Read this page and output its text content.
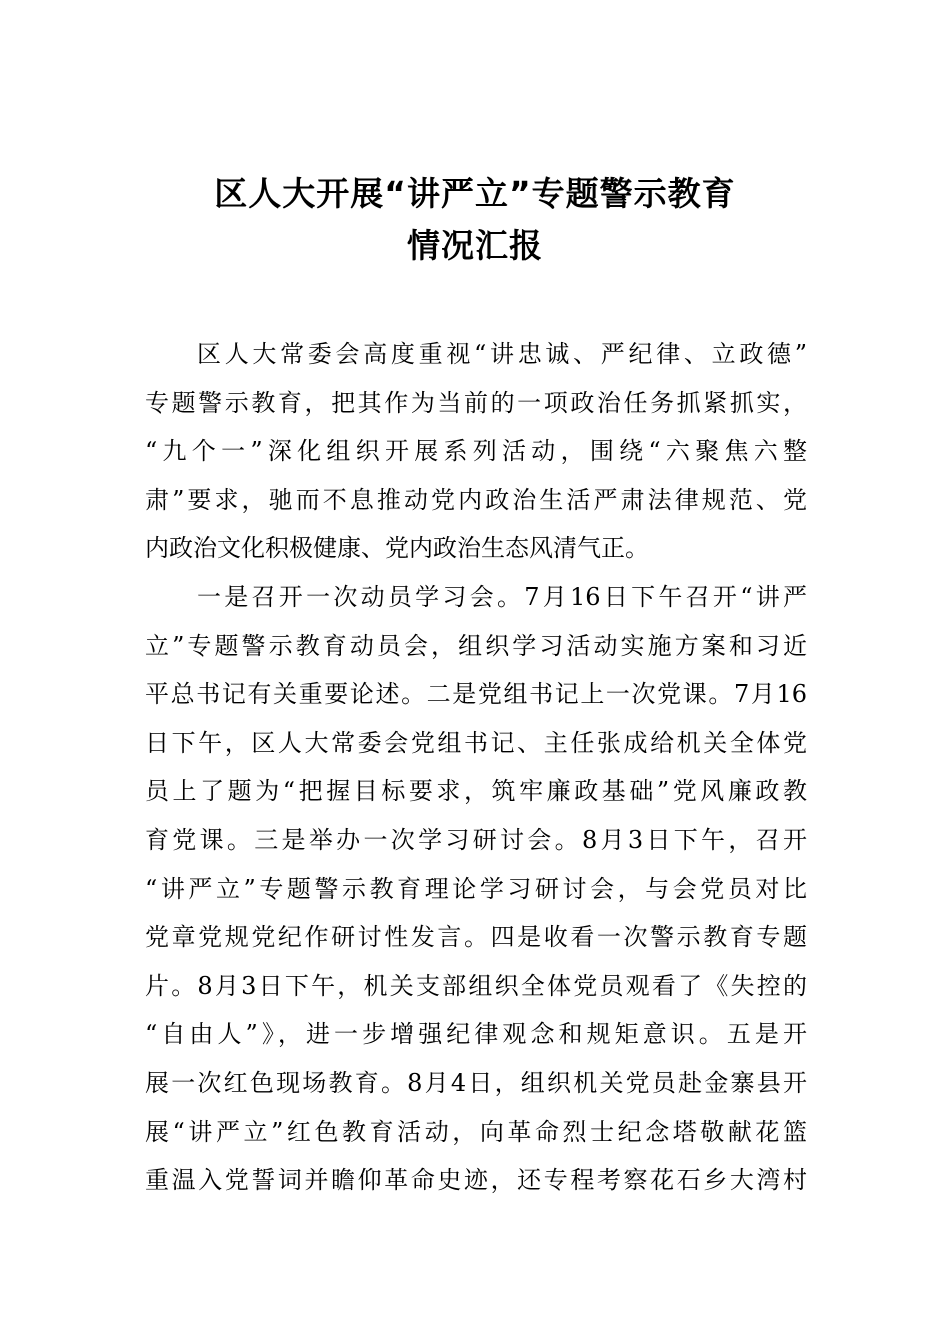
区人大开展“讲严立”专题警示教育
情况汇报
区人大常委会高度重视“讲忠诚、严纪律、立政德”
专题警示教育，把其作为当前的一项政治任务抓紧抓实，
“九个一”深化组织开展系列活动，围绕“六聚焦六整
肃”要求，驰而不息推动党内政治生活严肃法律规范、党
内政治文化积极健康、党内政治生态风清气正。
一是召开一次动员学习会。7月16日下午召开“讲严
立”专题警示教育动员会，组织学习活动实施方案和习近
平总书记有关重要论述。二是党组书记上一次党课。7月16
日下午，区人大常委会党组书记、主任张成给机关全体党
员上了题为“把握目标要求，筑牢廉政基础”党风廉政教
育党课。三是举办一次学习研讨会。8月3日下午，召开
“讲严立”专题警示教育理论学习研讨会，与会党员对比
党章党规党纪作研讨性发言。四是收看一次警示教育专题
片。8月3日下午，机关支部组织全体党员观看了《失控的
“自由人”》，进一步增强纪律观念和规矩意识。五是开
展一次红色现场教育。8月4日，组织机关党员赴金寨县开
展“讲严立”红色教育活动，向革命烈士纪念塔敬献花篮
重温入党誓词并瞻仰革命史迹，还专程考察花石乡大湾村
